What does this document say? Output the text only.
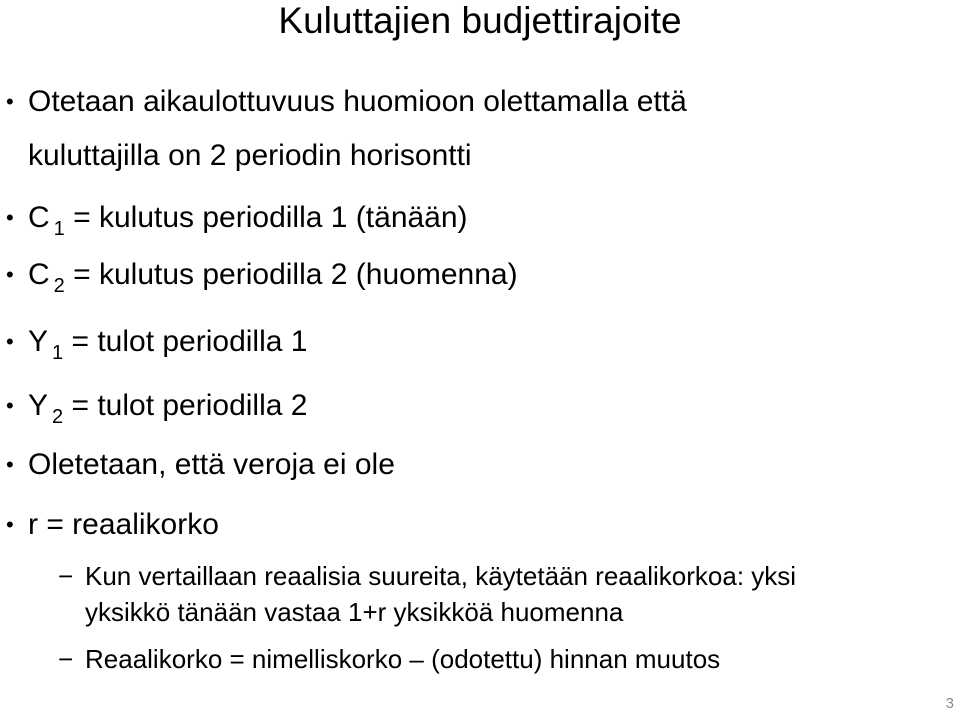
Kuluttajien budjettirajoite
• Otetaan aikaulottuvuus huomioon olettamalla että
kuluttajilla on 2 periodin horisontti
• C $_1$ = kulutus periodilla 1 (tänään)
• C $_2$ = kulutus periodilla 2 (huomenna)
• Y $_1$ = tulot periodilla 1
• Y $_2$ = tulot periodilla 2
• Oletetaan, että veroja ei ole
• r = reaalikorko
− Kun vertaillaan reaalisia suureita, käytetään reaalikorkoa: yksi
yksikkö tänään vastaa 1+r yksikköä huomenna
− Reaalikorko = nimelliskorko – (odotettu) hinnan muutos
3
